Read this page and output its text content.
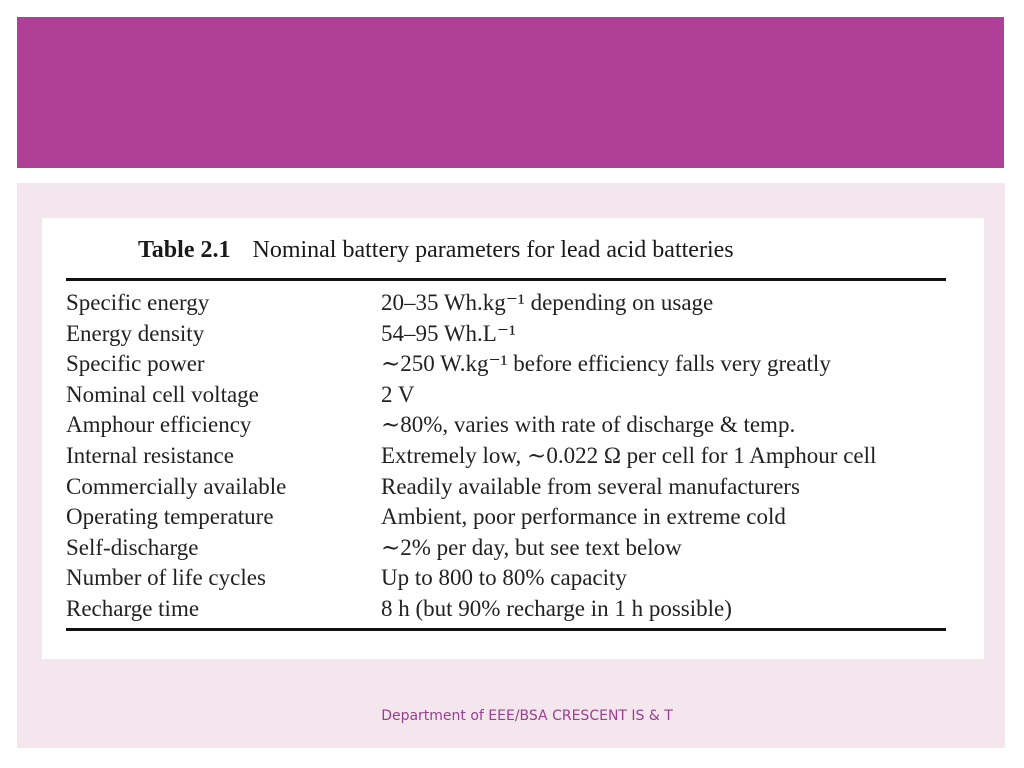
Table 2.1 Nominal battery parameters for lead acid batteries
Specific energy	20–35 Wh.kg⁻¹ depending on usage
Energy density	54–95 Wh.L⁻¹
Specific power	∼250 W.kg⁻¹ before efficiency falls very greatly
Nominal cell voltage	2 V
Amphour efficiency	∼80%, varies with rate of discharge & temp.
Internal resistance	Extremely low, ∼0.022 Ω per cell for 1 Amphour cell
Commercially available	Readily available from several manufacturers
Operating temperature	Ambient, poor performance in extreme cold
Self-discharge	∼2% per day, but see text below
Number of life cycles	Up to 800 to 80% capacity
Recharge time	8 h (but 90% recharge in 1 h possible)
Department of EEE/BSA CRESCENT IS & T
